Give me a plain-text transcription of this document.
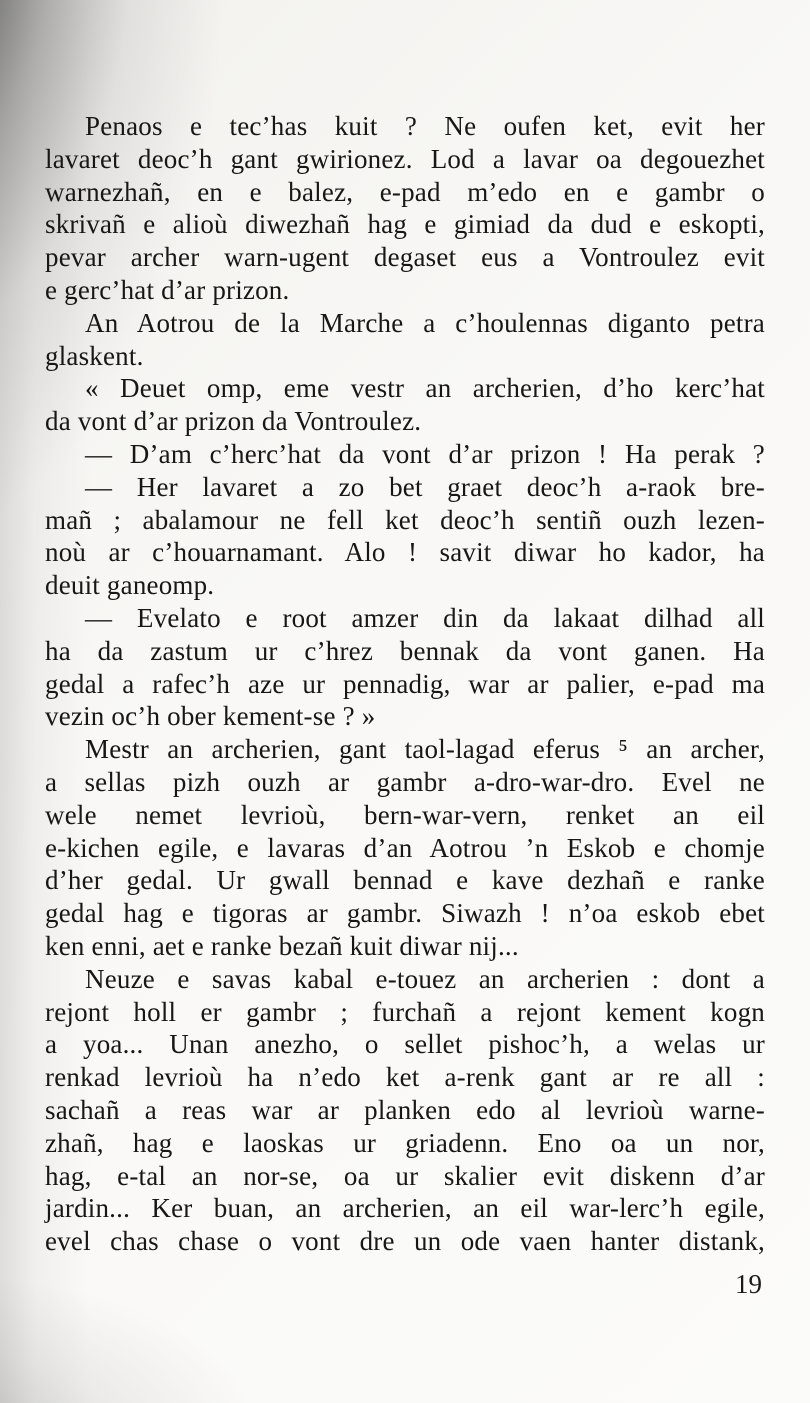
Penaos e tec’has kuit ? Ne oufen ket, evit her
lavaret deoc’h gant gwirionez. Lod a lavar oa degouezhet
warnezhañ, en e balez, e-pad m’edo en e gambr o
skrivañ e alioù diwezhañ hag e gimiad da dud e eskopti,
pevar archer warn-ugent degaset eus a Vontroulez evit
e gerc’hat d’ar prizon.
An Aotrou de la Marche a c’houlennas diganto petra
glaskent.
« Deuet omp, eme vestr an archerien, d’ho kerc’hat
da vont d’ar prizon da Vontroulez.
— D’am c’herc’hat da vont d’ar prizon ! Ha perak ?
— Her lavaret a zo bet graet deoc’h a-raok bre-
mañ ; abalamour ne fell ket deoc’h sentiñ ouzh lezen-
noù ar c’houarnamant. Alo ! savit diwar ho kador, ha
deuit ganeomp.
— Evelato e root amzer din da lakaat dilhad all
ha da zastum ur c’hrez bennak da vont ganen. Ha
gedal a rafec’h aze ur pennadig, war ar palier, e-pad ma
vezin oc’h ober kement-se ? »
Mestr an archerien, gant taol-lagad eferus ⁵ an archer,
a sellas pizh ouzh ar gambr a-dro-war-dro. Evel ne
wele nemet levrioù, bern-war-vern, renket an eil
e-kichen egile, e lavaras d’an Aotrou ’n Eskob e chomje
d’her gedal. Ur gwall bennad e kave dezhañ e ranke
gedal hag e tigoras ar gambr. Siwazh ! n’oa eskob ebet
ken enni, aet e ranke bezañ kuit diwar nij...
Neuze e savas kabal e-touez an archerien : dont a
rejont holl er gambr ; furchañ a rejont kement kogn
a yoa... Unan anezho, o sellet pishoc’h, a welas ur
renkad levrioù ha n’edo ket a-renk gant ar re all :
sachañ a reas war ar planken edo al levrioù warne-
zhañ, hag e laoskas ur griadenn. Eno oa un nor,
hag, e-tal an nor-se, oa ur skalier evit diskenn d’ar
jardin... Ker buan, an archerien, an eil war-lerc’h egile,
evel chas chase o vont dre un ode vaen hanter distank,
19
